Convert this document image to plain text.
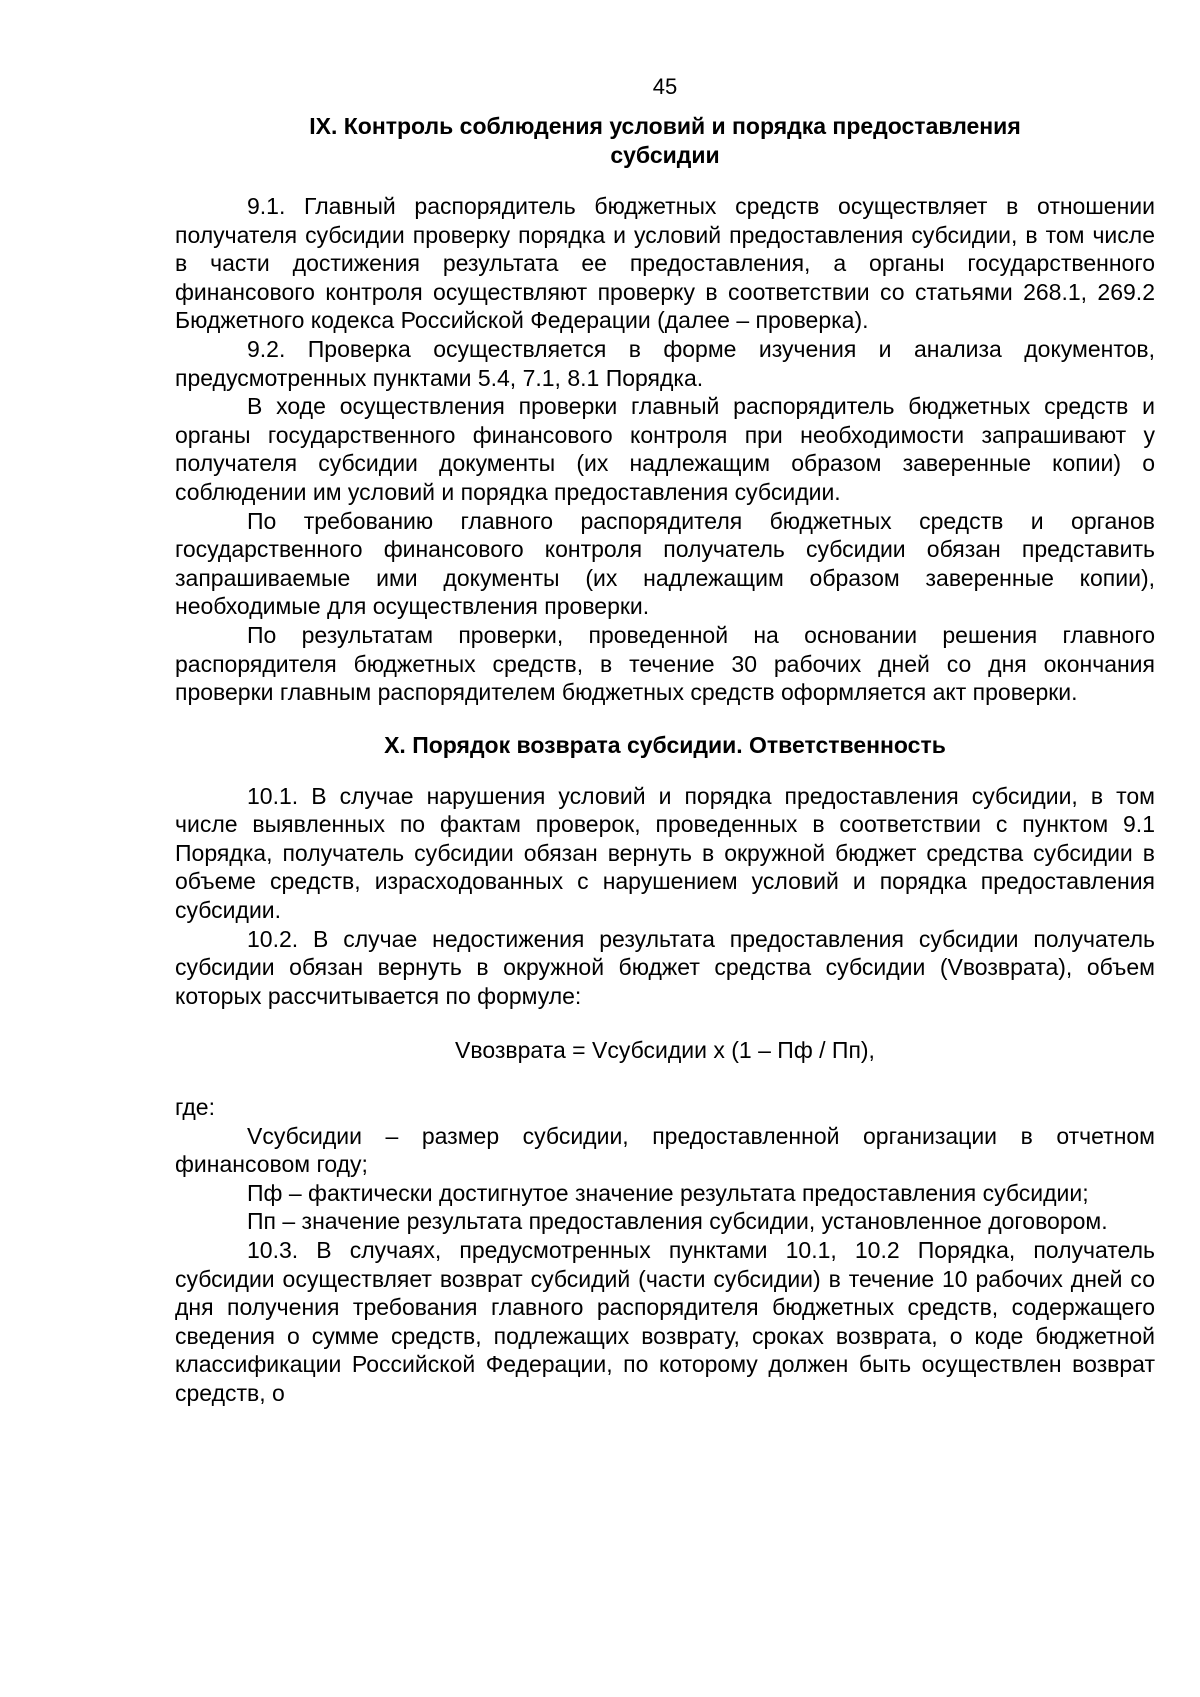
45
IX. Контроль соблюдения условий и порядка предоставления
субсидии

9.1. Главный распорядитель бюджетных средств осуществляет в отношении получателя субсидии проверку порядка и условий предоставления субсидии, в том числе в части достижения результата ее предоставления, а органы государственного финансового контроля осуществляют проверку в соответствии со статьями 268.1, 269.2 Бюджетного кодекса Российской Федерации (далее – проверка).

9.2. Проверка осуществляется в форме изучения и анализа документов, предусмотренных пунктами 5.4, 7.1, 8.1 Порядка.

В ходе осуществления проверки главный распорядитель бюджетных средств и органы государственного финансового контроля при необходимости запрашивают у получателя субсидии документы (их надлежащим образом заверенные копии) о соблюдении им условий и порядка предоставления субсидии.

По требованию главного распорядителя бюджетных средств и органов государственного финансового контроля получатель субсидии обязан представить запрашиваемые ими документы (их надлежащим образом заверенные копии), необходимые для осуществления проверки.

По результатам проверки, проведенной на основании решения главного распорядителя бюджетных средств, в течение 30 рабочих дней со дня окончания проверки главным распорядителем бюджетных средств оформляется акт проверки.

X. Порядок возврата субсидии. Ответственность

10.1. В случае нарушения условий и порядка предоставления субсидии, в том числе выявленных по фактам проверок, проведенных в соответствии с пунктом 9.1 Порядка, получатель субсидии обязан вернуть в окружной бюджет средства субсидии в объеме средств, израсходованных с нарушением условий и порядка предоставления субсидии.

10.2. В случае недостижения результата предоставления субсидии получатель субсидии обязан вернуть в окружной бюджет средства субсидии (Vвозврата), объем которых рассчитывается по формуле:

Vвозврата = Vсубсидии x (1 – Пф / Пп),

где:

Vсубсидии – размер субсидии, предоставленной организации в отчетном финансовом году;

Пф – фактически достигнутое значение результата предоставления субсидии;

Пп – значение результата предоставления субсидии, установленное договором.

10.3. В случаях, предусмотренных пунктами 10.1, 10.2 Порядка, получатель субсидии осуществляет возврат субсидий (части субсидии) в течение 10 рабочих дней со дня получения требования главного распорядителя бюджетных средств, содержащего сведения о сумме средств, подлежащих возврату, сроках возврата, о коде бюджетной классификации Российской Федерации, по которому должен быть осуществлен возврат средств, о
